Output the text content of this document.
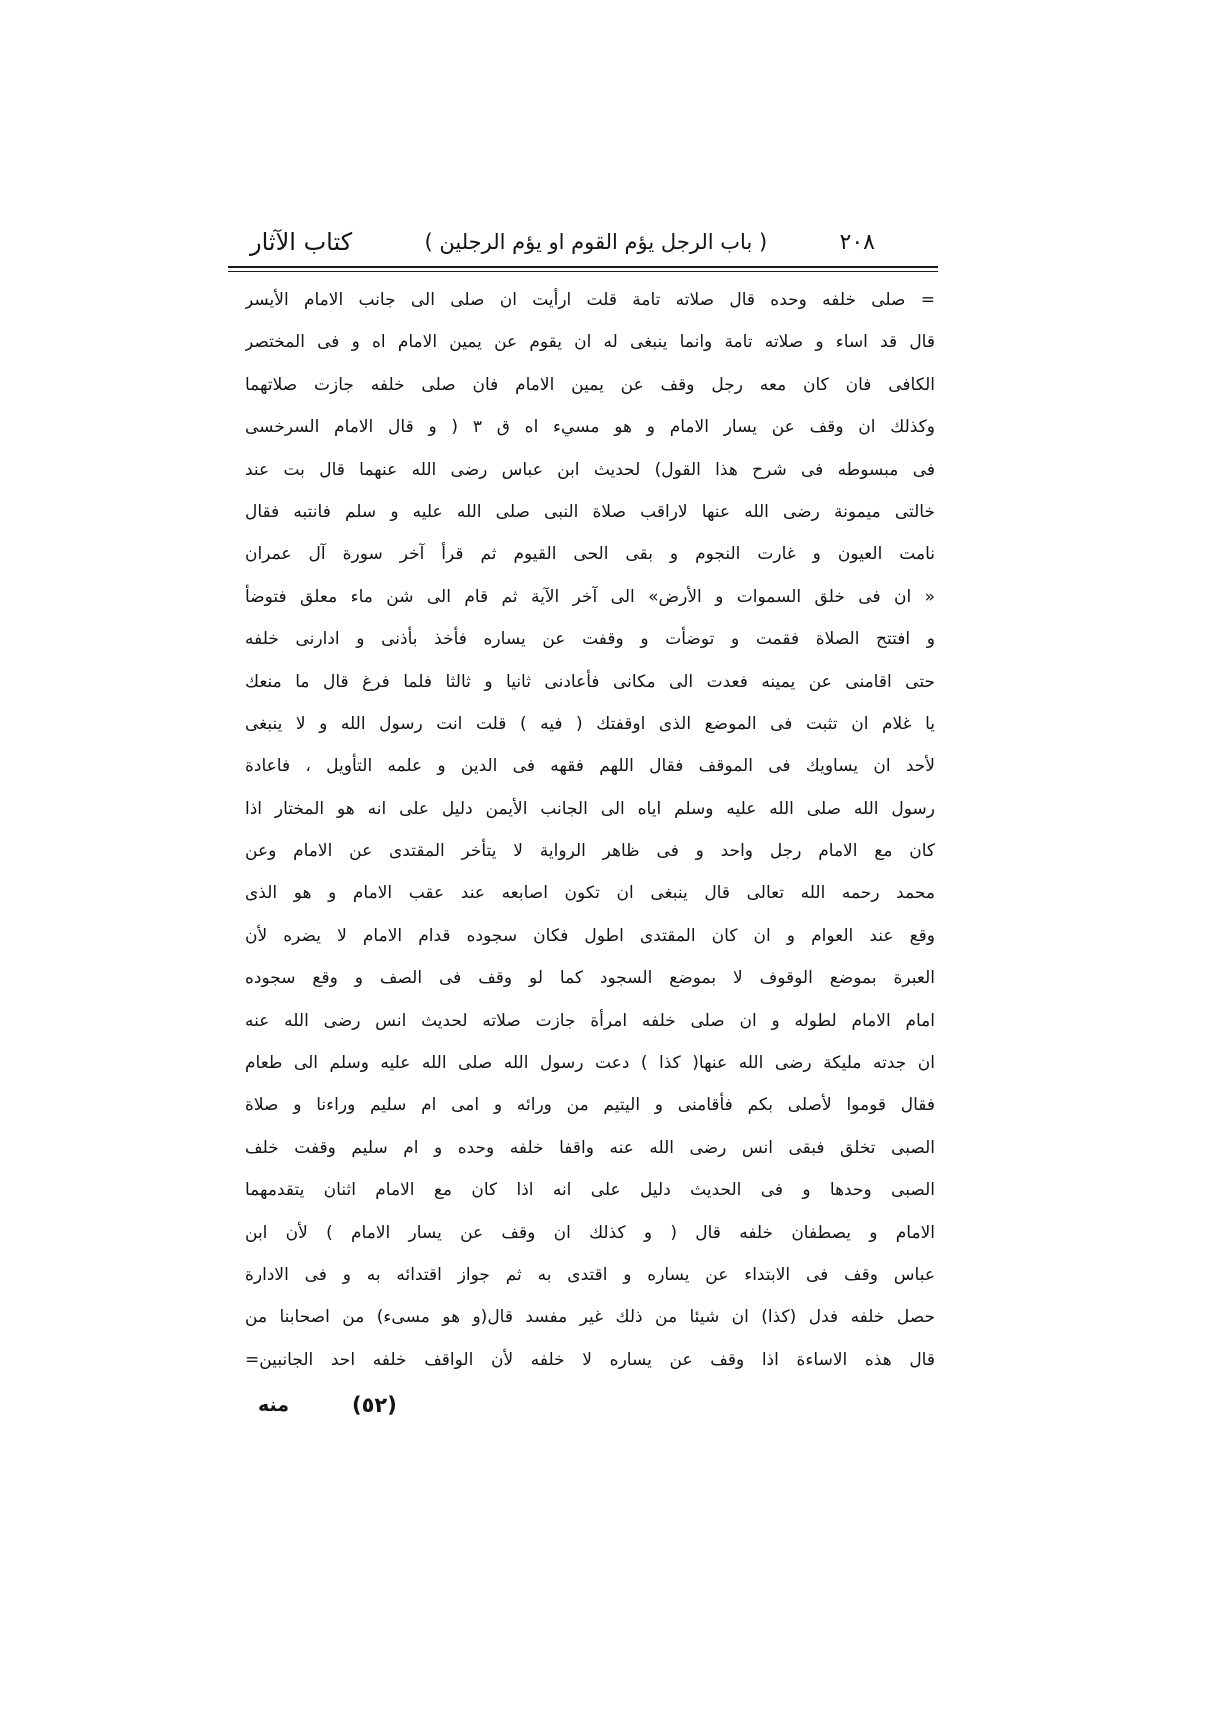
٢٠٨
( باب الرجل يؤم القوم او يؤم الرجلين )
كتاب الآثار
= صلى خلفه وحده قال صلاته تامة قلت ارأيت ان صلى الى جانب الامام الأيسر
قال قد اساء و صلاته تامة وانما ينبغى له ان يقوم عن يمين الامام اه و فى المختصر
الكافى فان كان معه رجل وقف عن يمين الامام فان صلى خلفه جازت صلاتهما
وكذلك ان وقف عن يسار الامام و هو مسيء اه ق ٣ ( و قال الامام السرخسى
فى مبسوطه فى شرح هذا القول) لحديث ابن عباس رضى الله عنهما قال بت عند
خالتى ميمونة رضى الله عنها لاراقب صلاة النبى صلى الله عليه و سلم فانتبه فقال
نامت العيون و غارت النجوم و بقى الحى القيوم ثم قرأ آخر سورة آل عمران
« ان فى خلق السموات و الأرض» الى آخر الآية ثم قام الى شن ماء معلق فتوضأ
و افتتح الصلاة فقمت و توضأت و وقفت عن يساره فأخذ بأذنى و ادارنى خلفه
حتى اقامنى عن يمينه فعدت الى مكانى فأعادنى ثانيا و ثالثا فلما فرغ قال ما منعك
يا غلام ان تثبت فى الموضع الذى اوقفتك ( فيه ) قلت انت رسول الله و لا ينبغى
لأحد ان يساويك فى الموقف فقال اللهم فقهه فى الدين و علمه التأويل ، فاعادة
رسول الله صلى الله عليه وسلم اياه الى الجانب الأيمن دليل على انه هو المختار اذا
كان مع الامام رجل واحد و فى ظاهر الرواية لا يتأخر المقتدى عن الامام وعن
محمد رحمه الله تعالى قال ينبغى ان تكون اصابعه عند عقب الامام و هو الذى
وقع عند العوام و ان كان المقتدى اطول فكان سجوده قدام الامام لا يضره لأن
العبرة بموضع الوقوف لا بموضع السجود كما لو وقف فى الصف و وقع سجوده
امام الامام لطوله و ان صلى خلفه امرأة جازت صلاته لحديث انس رضى الله عنه
ان جدته مليكة رضى الله عنها( كذا ) دعت رسول الله صلى الله عليه وسلم الى طعام
فقال قوموا لأصلى بكم فأقامنى و اليتيم من ورائه و امى ام سليم وراءنا و صلاة
الصبى تخلق فبقى انس رضى الله عنه واقفا خلفه وحده و ام سليم وقفت خلف
الصبى وحدها و فى الحديث دليل على انه اذا كان مع الامام اثنان يتقدمهما
الامام و يصطفان خلفه قال ( و كذلك ان وقف عن يسار الامام ) لأن ابن
عباس وقف فى الابتداء عن يساره و اقتدى به ثم جواز اقتدائه به و فى الادارة
حصل خلفه فدل (كذا) ان شيئا من ذلك غير مفسد قال(و هو مسىء) من اصحابنا من
قال هذه الاساءة اذا وقف عن يساره لا خلفه لأن الواقف خلفه احد الجانبين=
(٥٢)
منه
